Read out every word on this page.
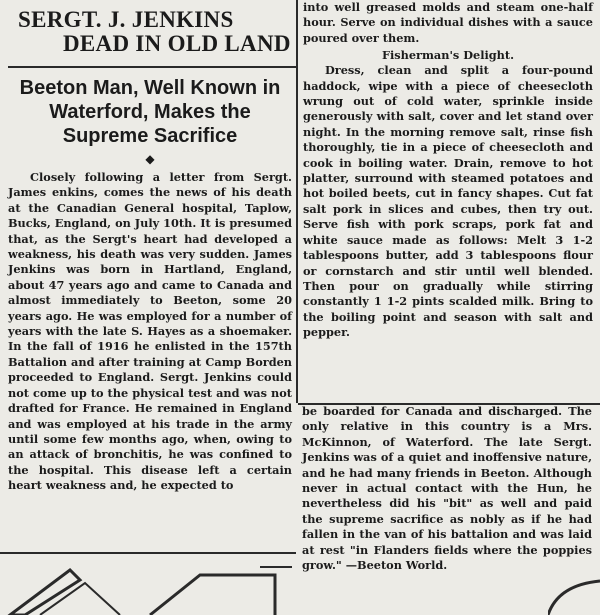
SERGT. J. JENKINS
DEAD IN OLD LAND
Beeton Man, Well Known in Waterford, Makes the Supreme Sacrifice
◆

Closely following a letter from Sergt. James enkins, comes the news of his death at the Canadian General hospital, Taplow, Bucks, England, on July 10th. It is presumed that, as the Sergt's heart had developed a weakness, his death was very sudden. James Jenkins was born in Hartland, England, about 47 years ago and came to Canada and almost immediately to Beeton, some 20 years ago. He was employed for a number of years with the late S. Hayes as a shoemaker. In the fall of 1916 he enlisted in the 157th Battalion and after training at Camp Borden proceeded to England. Sergt. Jenkins could not come up to the physical test and was not drafted for France. He remained in England and was employed at his trade in the army until some few months ago, when, owing to an attack of bronchitis, he was confined to the hospital. This disease left a certain heart weakness and, he expected to

into well greased molds and steam one-half hour. Serve on individual dishes with a sauce poured over them.

Fisherman's Delight.

Dress, clean and split a four-pound haddock, wipe with a piece of cheesecloth wrung out of cold water, sprinkle inside generously with salt, cover and let stand over night. In the morning remove salt, rinse fish thoroughly, tie in a piece of cheesecloth and cook in boiling water. Drain, remove to hot platter, surround with steamed potatoes and hot boiled beets, cut in fancy shapes. Cut fat salt pork in slices and cubes, then try out. Serve fish with pork scraps, pork fat and white sauce made as follows: Melt 3 1-2 tablespoons butter, add 3 tablespoons flour or cornstarch and stir until well blended. Then pour on gradually while stirring constantly 1 1-2 pints scalded milk. Bring to the boiling point and season with salt and pepper.

be boarded for Canada and discharged. The only relative in this country is a Mrs. McKinnon, of Waterford. The late Sergt. Jenkins was of a quiet and inoffensive nature, and he had many friends in Beeton. Although never in actual contact with the Hun, he nevertheless did his "bit" as well and paid the supreme sacrifice as nobly as if he had fallen in the van of his battalion and was laid at rest "in Flanders fields where the poppies grow." —Beeton World.
